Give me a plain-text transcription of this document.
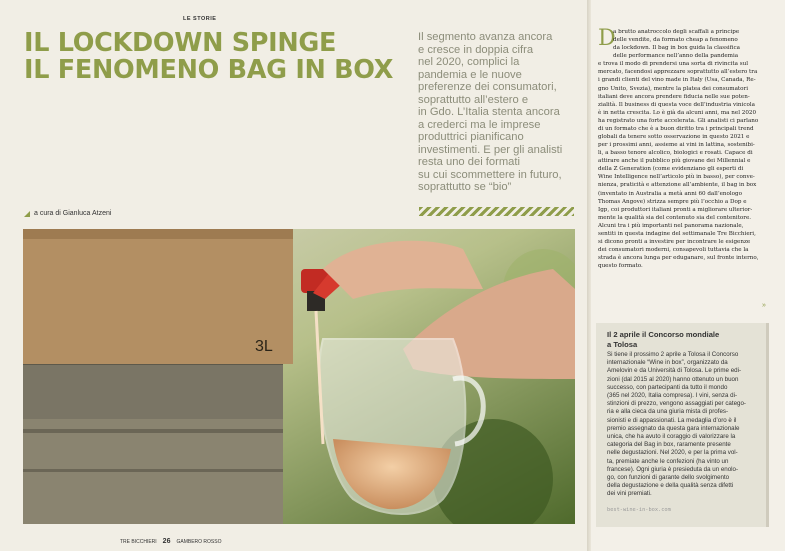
LE STORIE
IL LOCKDOWN SPINGE
IL FENOMENO BAG IN BOX
Il segmento avanza ancora
e cresce in doppia cifra
nel 2020, complici la
pandemia e le nuove
preferenze dei consumatori,
soprattutto all’estero e
in Gdo. L’Italia stenta ancora
a crederci ma le imprese
produttrici pianificano
investimenti. E per gli analisti
resta uno dei formati
su cui scommettere in futuro,
soprattutto se “bio”
a cura di Gianluca Atzeni
3L
TRE BICCHIERI 26 GAMBERO ROSSO
D
a brutto anatroccolo degli scaffali a principe
delle vendite, da formato cheap a fenomeno
da lockdown. Il bag in box guida la classifica
delle performance nell’anno della pandemia
e trova il modo di prendersi una sorta di rivincita sul
mercato, facendosi apprezzare soprattutto all’estero tra
i grandi clienti del vino made in Italy (Usa, Canada, Re-
gno Unito, Svezia), mentre la platea dei consumatori
italiani deve ancora prendere fiducia nelle sue poten-
zialità. Il business di questa voce dell’industria vinicola
è in netta crescita. Lo è già da alcuni anni, ma nel 2020
ha registrato una forte accelerata. Gli analisti ci parlano
di un formato che è a buon diritto tra i principali trend
globali da tenere sotto osservazione in questo 2021 e
per i prossimi anni, assieme ai vini in lattina, sostenibi-
li, a basso tenore alcolico, biologici e rosati. Capace di
attirare anche il pubblico più giovane dei Millennial e
della Z Generation (come evidenziano gli esperti di
Wine Intelligence nell’articolo più in basso), per conve-
nienza, praticità e attenzione all’ambiente, il bag in box
(inventato in Australia a metà anni 60 dall’enologo
Thomas Angove) strizza sempre più l’occhio a Dop e
Igp, coi produttori italiani pronti a migliorare ulterior-
mente la qualità sia del contenuto sia del contenitore.
Alcuni tra i più importanti nel panorama nazionale,
sentiti in questa indagine del settimanale Tre Bicchieri,
si dicono pronti a investire per incontrare le esigenze
dei consumatori moderni, consapevoli tuttavia che la
strada è ancora lunga per eduganare, sul fronte interno,
questo formato.
»
Il 2 aprile il Concorso mondiale
a Tolosa
Si tiene il prossimo 2 aprile a Tolosa il Concorso
internazionale “Wine in box”, organizzato da
Amelovin e da Università di Tolosa. Le prime edi-
zioni (dal 2015 al 2020) hanno ottenuto un buon
successo, con partecipanti da tutto il mondo
(365 nel 2020, Italia compresa). I vini, senza di-
stinzioni di prezzo, vengono assaggiati per catego-
ria e alla cieca da una giuria mista di profes-
sionisti e di appassionati. La medaglia d’oro è il
premio assegnato da questa gara internazionale
unica, che ha avuto il coraggio di valorizzare la
categoria del Bag in box, raramente presente
nelle degustazioni. Nel 2020, e per la prima vol-
ta, premiate anche le confezioni (ha vinto un
francese). Ogni giuria è presieduta da un enolo-
go, con funzioni di garante dello svolgimento
della degustazione e della qualità senza difetti
dei vini premiati.
best-wine-in-box.com
